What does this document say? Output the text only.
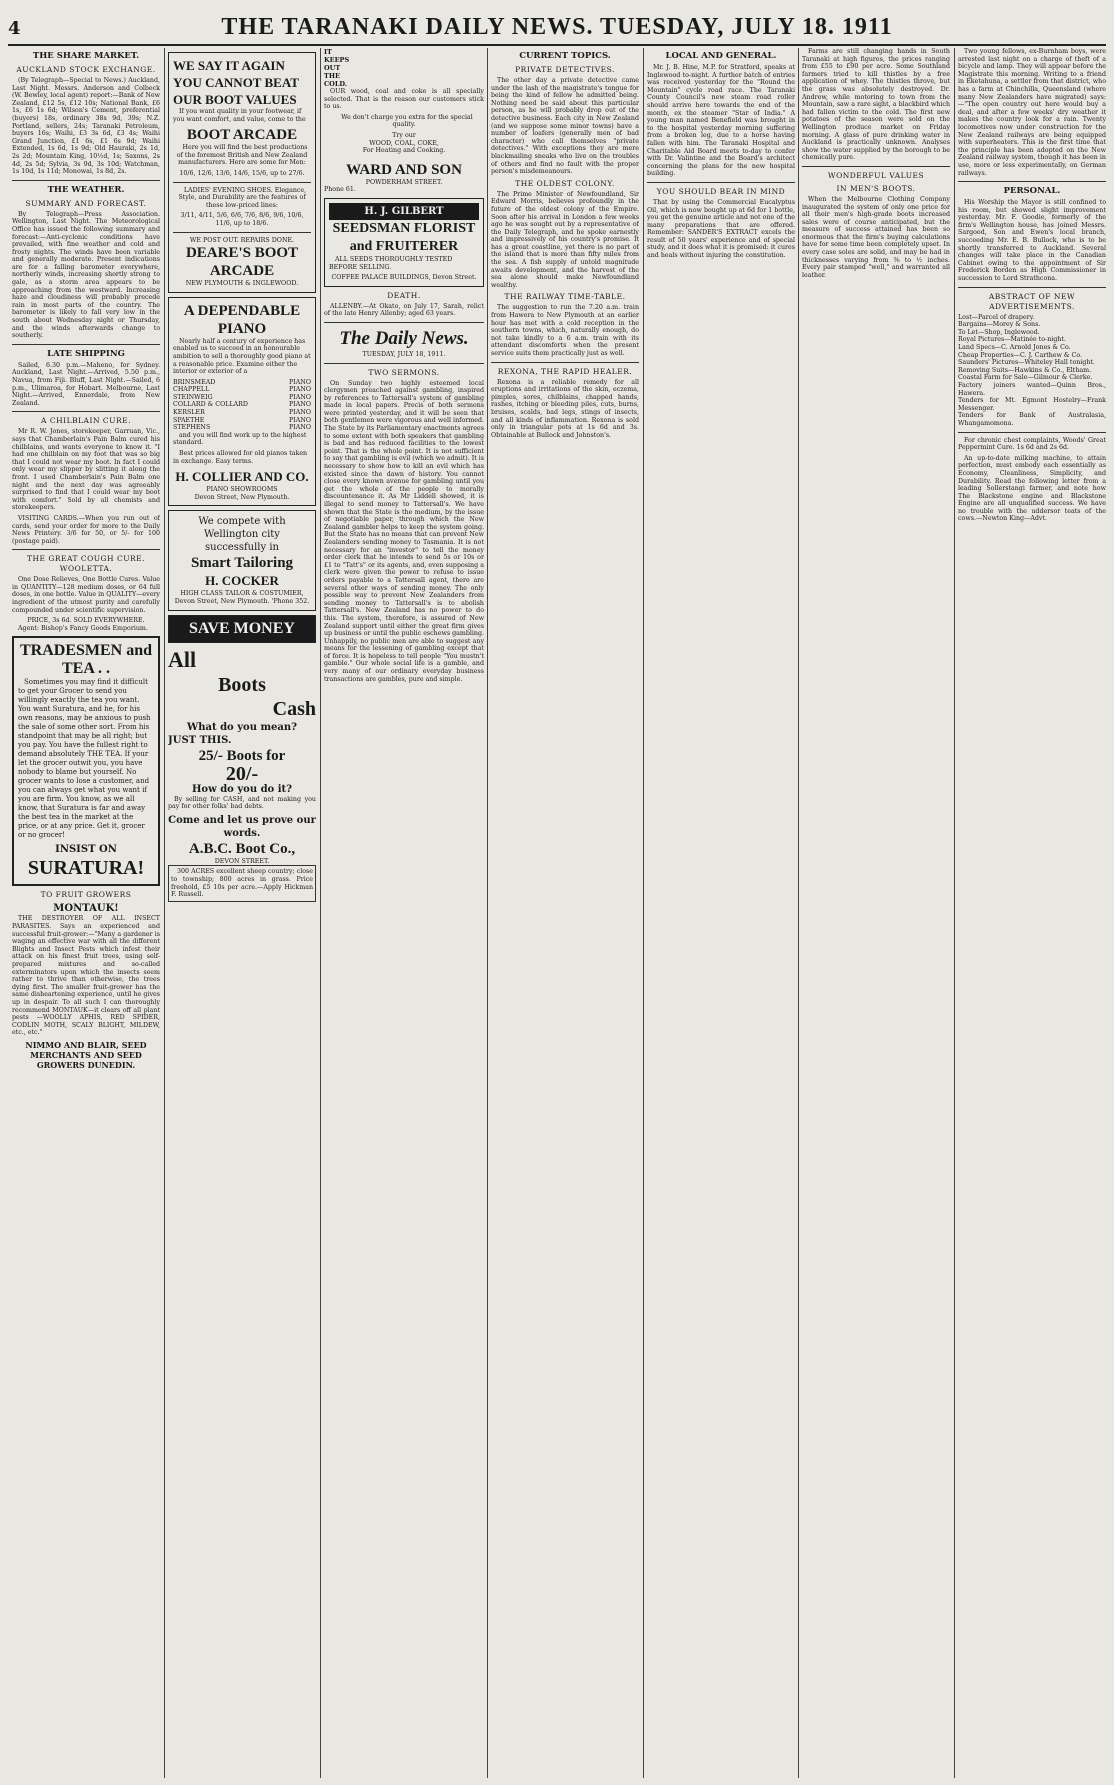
4	THE TARANAKI DAILY NEWS. TUESDAY, JULY 18. 1911
THE SHARE MARKET.
AUCKLAND STOCK EXCHANGE.

(By Telegraph—Special to News.) Auckland, Last Night. Messrs. Anderson and Colbeck (W. Bewley, local agent) report:—Bank of New Zealand, £12 5s, £12 10s; National Bank, £6 1s, £6 1s 6d; Wilson's Cement, preferential (buyers) 18s, ordinary 38s 9d, 39s; N.Z. Portland, sellers, 24s; Taranaki Petroleum, buyers 16s; Waihi, £3 3s 6d, £3 4s; Waihi Grand Junction, £1 6s, £1 6s 9d; Waihi Extended, 1s 6d, 1s 9d; Old Hauraki, 2s 1d, 2s 2d; Mountain King, 10½d, 1s; Saxons, 2s 4d, 2s 5d; Sylvia, 3s 9d, 3s 10d; Watchman, 1s 10d, 1s 11d; Monowai, 1s 8d, 2s.

THE WEATHER.
SUMMARY AND FORECAST.

By Telegraph—Press Association. Wellington, Last Night. The Meteorological Office has issued the following summary and forecast:—Anti-cyclonic conditions have prevailed, with fine weather and cold and frosty nights. The winds have been variable and generally moderate. Present indications are for a falling barometer everywhere, northerly winds, increasing shortly strong to gale, as a storm area appears to be approaching from the westward. Increasing haze and cloudiness will probably precede rain in most parts of the country. The barometer is likely to fall very low in the south about Wednesday night or Thursday, and the winds afterwards change to southerly.

LATE SHIPPING

Sailed, 6.30 p.m.—Maheno, for Sydney. Auckland, Last Night.—Arrived, 5.50 p.m., Navua, from Fiji. Bluff, Last Night.—Sailed, 6 p.m., Ulimaroa, for Hobart. Melbourne, Last Night.—Arrived, Ennerdale, from New Zealand.

A CHILBLAIN CURE.

Mr R. W. Jones, storekeeper, Garruan, Vic., says that Chamberlain's Pain Balm cured his chilblains, and wants everyone to know it. "I had one chilblain on my foot that was so big that I could not wear my boot. In fact I could only wear my slipper by slitting it along the front. I used Chamberlain's Pain Balm one night and the next day was agreeably surprised to find that I could wear my boot with comfort." Sold by all chemists and storekeepers.

VISITING CARDS.—When you run out of cards, send your order for more to the Daily News Printery. 3/6 for 50, or 5/- for 100 (postage paid).

THE GREAT COUGH CURE. WOOLETTA.

One Dose Relieves, One Bottle Cures. Value in QUANTITY—128 medium doses, or 64 full doses, in one bottle. Value in QUALITY—every ingredient of the utmost purity and carefully compounded under scientific supervision.

PRICE, 3s 6d. SOLD EVERYWHERE.

Agent: Bishop's Fancy Goods Emporium.

TRADESMEN and TEA . .

Sometimes you may find it difficult to get your Grocer to send you willingly exactly the tea you want. You want Suratura, and he, for his own reasons, may be anxious to push the sale of some other sort. From his standpoint that may be all right; but you pay. You have the fullest right to demand absolutely THE TEA. If your let the grocer outwit you, you have nobody to blame but yourself. No grocer wants to lose a customer, and you can always get what you want if you are firm. You know, as we all know, that Suratura is far and away the best tea in the market at the price, or at any price. Get it, grocer or no grocer!

INSIST ON
SURATURA!
TO FRUIT GROWERS
MONTAUK!

THE DESTROYER OF ALL INSECT PARASITES. Says an experienced and successful fruit-grower:—"Many a gardener is waging an effective war with all the different Blights and Insect Pests which infest their attack on his finest fruit trees, using self-prepared mixtures and so-called exterminators upon which the insects seem rather to thrive than otherwise, the trees dying first. The smaller fruit-grower has the same disheartening experience, until he gives up in despair. To all such I can thoroughly recommend MONTAUK—it clears off all plant pests —WOOLLY APHIS, RED SPIDER, CODLIN MOTH, SCALY BLIGHT, MILDEW, etc., etc."

NIMMO AND BLAIR, SEED MERCHANTS AND SEED GROWERS DUNEDIN.
WE SAY IT AGAIN YOU CANNOT BEAT OUR BOOT VALUES

If you want quality in your footwear, if you want comfort, and value, come to the

BOOT ARCADE

Here you will find the best productions of the foremost British and New Zealand manufacturers. Here are some for Men:

10/6, 12/6, 13/6, 14/6, 15/6, up to 27/6.

LADIES' EVENING SHOES. Elegance, Style, and Durability are the features of these low-priced lines:

3/11, 4/11, 5/6, 6/6, 7/6, 8/6, 9/6, 10/6, 11/6, up to 18/6.
WE POST OUT. REPAIRS DONE.
DEARE'S BOOT ARCADE
NEW PLYMOUTH & INGLEWOOD.
A DEPENDABLE PIANO

Nearly half a century of experience has enabled us to succeed in an honourable ambition to sell a thoroughly good piano at a reasonable price. Examine either the interior or exterior of a

BRINSMEAD	PIANO
CHAPPELL	PIANO
STEINWEIG	PIANO
COLLARD & COLLARD	PIANO
KERSLER	PIANO
SPAETHE	PIANO
STEPHENS	PIANO

and you will find work up to the highest standard.

Best prices allowed for old pianos taken in exchange. Easy terms.

H. COLLIER AND CO.
PIANO SHOWROOMS
Devon Street, New Plymouth.
We compete with Wellington city successfully in
Smart Tailoring
H. COCKER
HIGH CLASS TAILOR & COSTUMIER, Devon Street, New Plymouth. 'Phone 352.
SAVE MONEY
All
Boots
Cash
What do you mean?
JUST THIS.
25/- Boots for
20/-
How do you do it?

By selling for CASH, and not making you pay for other folks' bad debts.

Come and let us prove our words.
A.B.C. Boot Co.,
DEVON STREET.

300 ACRES excellent sheep country; close to township; 800 acres in grass. Price freehold, £5 10s per acre.—Apply Hickman F. Russell.

IT KEEPS OUT THE COLD.

OUR wood, coal and coke is all specially selected. That is the reason our customers stick to us.

We don't charge you extra for the special quality.

Try our
WOOD, COAL, COKE,
For Heating and Cooking.
WARD AND SON
POWDERHAM STREET.
Phone 61.
H. J. GILBERT
SEEDSMAN FLORIST and FRUITERER

ALL SEEDS THOROUGHLY TESTED BEFORE SELLING.

COFFEE PALACE BUILDINGS, Devon Street.
DEATH.

ALLENBY.—At Okato, on July 17, Sarah, relict of the late Henry Allenby; aged 63 years.

The Daily News.
TUESDAY, JULY 18, 1911.
TWO SERMONS.

On Sunday two highly esteemed local clergymen preached against gambling, inspired by references to Tattersall's system of gambling made in local papers. Precis of both sermons were printed yesterday, and it will be seen that both gentlemen were vigorous and well informed. The State by its Parliamentary enactments agrees to some extent with both speakers that gambling is bad and has reduced facilities to the lowest point. That is the whole point. It is not sufficient to say that gambling is evil (which we admit). It is necessary to show how to kill an evil which has existed since the dawn of history. You cannot close every known avenue for gambling until you get the whole of the people to morally discountenance it. As Mr Liddell showed, it is illegal to send money to Tattersall's. We have shown that the State is the medium, by the issue of negotiable paper, through which the New Zealand gambler helps to keep the system going. But the State has no means that can prevent New Zealanders sending money to Tasmania. It is not necessary for an "investor" to tell the money order clerk that he intends to send 5s or 10s or £1 to "Tatt's" or its agents, and, even supposing a clerk were given the power to refuse to issue orders payable to a Tattersall agent, there are several other ways of sending money. The only possible way to prevent New Zealanders from sending money to Tattersall's is to abolish Tattersall's. New Zealand has no power to do this. The system, therefore, is assured of New Zealand support until either the great firm gives up business or until the public eschews gambling. Unhappily, no public men are able to suggest any means for the lessening of gambling except that of force. It is hopeless to tell people "You mustn't gamble." Our whole social life is a gamble, and very many of our ordinary everyday business transactions are gambles, pure and simple.

CURRENT TOPICS.
PRIVATE DETECTIVES.

The other day a private detective came under the lash of the magistrate's tongue for being the kind of fellow he admitted being. Nothing need be said about this particular person, as he will probably drop out of the detective business. Each city in New Zealand (and we suppose some minor towns) have a number of loafers (generally men of bad character) who call themselves "private detectives." With exceptions they are mere blackmailing sneaks who live on the troubles of others and find no fault with the proper person's misdemeanours.

THE OLDEST COLONY.

The Prime Minister of Newfoundland, Sir Edward Morris, believes profoundly in the future of the oldest colony of the Empire. Soon after his arrival in London a few weeks ago he was sought out by a representative of the Daily Telegraph, and he spoke earnestly and impressively of his country's promise. It has a great coastline, yet there is no part of the island that is more than fifty miles from the sea. A fish supply of untold magnitude awaits development, and the harvest of the sea alone should make Newfoundland wealthy.

THE RAILWAY TIME-TABLE.

The suggestion to run the 7.20 a.m. train from Hawera to New Plymouth at an earlier hour has met with a cold reception in the southern towns, which, naturally enough, do not take kindly to a 6 a.m. train with its attendant discomforts when the present service suits them practically just as well.

REXONA, THE RAPID HEALER.

Rexona is a reliable remedy for all eruptions and irritations of the skin, eczema, pimples, sores, chilblains, chapped hands, rashes, itching or bleeding piles, cuts, burns, bruises, scalds, bad legs, stings of insects, and all kinds of inflammation. Rexona is sold only in triangular pots at 1s 6d and 3s. Obtainable at Bullock and Johnston's.

LOCAL AND GENERAL.

Mr. J. B. Hine, M.P. for Stratford, speaks at Inglewood to-night. A further batch of entries was received yesterday for the "Round the Mountain" cycle road race. The Taranaki County Council's new steam road roller should arrive here towards the end of the month, ex the steamer "Star of India." A young man named Benefield was brought in to the hospital yesterday morning suffering from a broken leg, due to a horse having fallen with him. The Taranaki Hospital and Charitable Aid Board meets to-day to confer with Dr. Valintine and the Board's architect concerning the plans for the new hospital building.

YOU SHOULD BEAR IN MIND

That by using the Commercial Eucalyptus Oil, which is now bought up at 6d for 1 bottle, you get the genuine article and not one of the many preparations that are offered. Remember: SANDER'S EXTRACT excels the result of 50 years' experience and of special study, and it does what it is promised: it cures and heals without injuring the constitution.

Farms are still changing hands in South Taranaki at high figures, the prices ranging from £55 to £90 per acre. Some Southland farmers tried to kill thistles by a free application of whey. The thistles throve, but the grass was absolutely destroyed. Dr. Andrew, while motoring to town from the Mountain, saw a rare sight, a blackbird which had fallen victim to the cold. The first new potatoes of the season were sold on the Wellington produce market on Friday morning. A glass of pure drinking water in Auckland is practically unknown. Analyses show the water supplied by the borough to be chemically pure.

WONDERFUL VALUES
IN MEN'S BOOTS.

When the Melbourne Clothing Company inaugurated the system of only one price for all their men's high-grade boots increased sales were of course anticipated, but the measure of success attained has been so enormous that the firm's buying calculations have for some time been completely upset. In every case soles are solid, and may be had in thicknesses varying from ⅜ to ½ inches. Every pair stamped "well," and warranted all leather.

Two young fellows, ex-Burnham boys, were arrested last night on a charge of theft of a bicycle and lamp. They will appear before the Magistrate this morning. Writing to a friend in Eketahuna, a settler from that district, who has a farm at Chinchilla, Queensland (where many New Zealanders have migrated) says:—"The open country out here would buy a deal, and after a few weeks' dry weather it makes the country look for a rain. Twenty locomotives now under construction for the New Zealand railways are being equipped with superheaters. This is the first time that the principle has been adopted on the New Zealand railway system, though it has been in use, more or less experimentally, on German railways.

PERSONAL.

His Worship the Mayor is still confined to his room, but showed slight improvement yesterday. Mr. F. Goodie, formerly of the firm's Wellington house, has joined Messrs. Sargood, Son and Ewen's local branch, succeeding Mr. E. B. Bullock, who is to be shortly transferred to Auckland. Several changes will take place in the Canadian Cabinet owing to the appointment of Sir Frederick Borden as High Commissioner in succession to Lord Strathcona.

ABSTRACT OF NEW ADVERTISEMENTS.
Lost—Parcel of drapery.
Bargains—Morey & Sons.
To Let—Shop, Inglewood.
Royal Pictures—Matinée to-night.
Land Specs—C. Arnold Jones & Co.
Cheap Properties—C. J. Carthew & Co.
Saunders' Pictures—Whiteley Hall tonight.
Removing Suits—Hawkins & Co., Eltham.
Coastal Farm for Sale—Gilmour & Clerke.
Factory joiners wanted—Quinn Bros., Hawera.
Tenders for Mt. Egmont Hostelry—Frank Messenger.
Tenders for Bank of Australasia, Whangamomona.

For chronic chest complaints, Woods' Great Peppermint Cure. 1s 6d and 2s 6d.

An up-to-date milking machine, to attain perfection, must embody each essentially as Economy, Cleanliness, Simplicity, and Durability. Read the following letter from a leading Sollerstangi farmer, and note how The Blackstone engine and Blackstone Engine are all unqualified success. We have no trouble with the uddersor teats of the cows.—Newton King—Advt.
